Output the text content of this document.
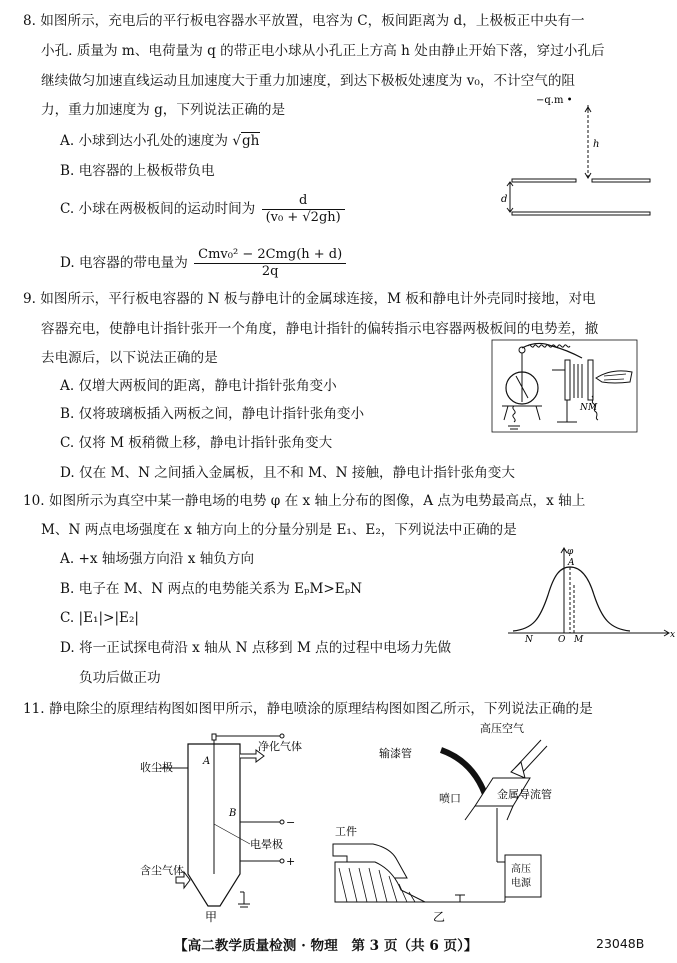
8. 如图所示，充电后的平行板电容器水平放置，电容为 C，板间距离为 d，上极板正中央有一
小孔. 质量为 m、电荷量为 q 的带正电小球从小孔正上方高 h 处由静止开始下落，穿过小孔后
继续做匀加速直线运动且加速度大于重力加速度，到达下极板处速度为 v₀，不计空气的阻
力，重力加速度为 g，下列说法正确的是
A. 小球到达小孔处的速度为 √gh
B. 电容器的上极板带负电
C. 小球在两极板间的运动时间为 $\frac{d}{\text{(v₀ + √2gh)}}$
D. 电容器的带电量为 $\frac{\text{Cmv₀² − 2Cmg(h + d)}}{2q}$
−q.m •
h
d
9. 如图所示，平行板电容器的 N 板与静电计的金属球连接，M 板和静电计外壳同时接地，对电
容器充电，使静电计指针张开一个角度，静电计指针的偏转指示电容器两极板间的电势差，撤
去电源后，以下说法正确的是
A. 仅增大两板间的距离，静电计指针张角变小
B. 仅将玻璃板插入两板之间，静电计指针张角变小
C. 仅将 M 板稍微上移，静电计指针张角变大
D. 仅在 M、N 之间插入金属板，且不和 M、N 接触，静电计指针张角变大
N M
10. 如图所示为真空中某一静电场的电势 φ 在 x 轴上分布的图像，A 点为电势最高点，x 轴上
M、N 两点电场强度在 x 轴方向上的分量分别是 E₁、E₂，下列说法中正确的是
A. +x 轴场强方向沿 x 轴负方向
B. 电子在 M、N 两点的电势能关系为 EₚM>EₚN
C. |E₁|>|E₂|
D. 将一正试探电荷沿 x 轴从 N 点移到 M 点的过程中电场力先做
负功后做正功
x
φ
A
N	O M
11. 静电除尘的原理结构图如图甲所示，静电喷涂的原理结构图如图乙所示，下列说法正确的是
收尘极	A
净化气体
B
电晕极
含尘气体
−
+
甲
高压空气
输漆管
喷口	金属导流管
高压
电源
工件
乙
【高二教学质量检测 · 物理　第 3 页（共 6 页）】	23048B
